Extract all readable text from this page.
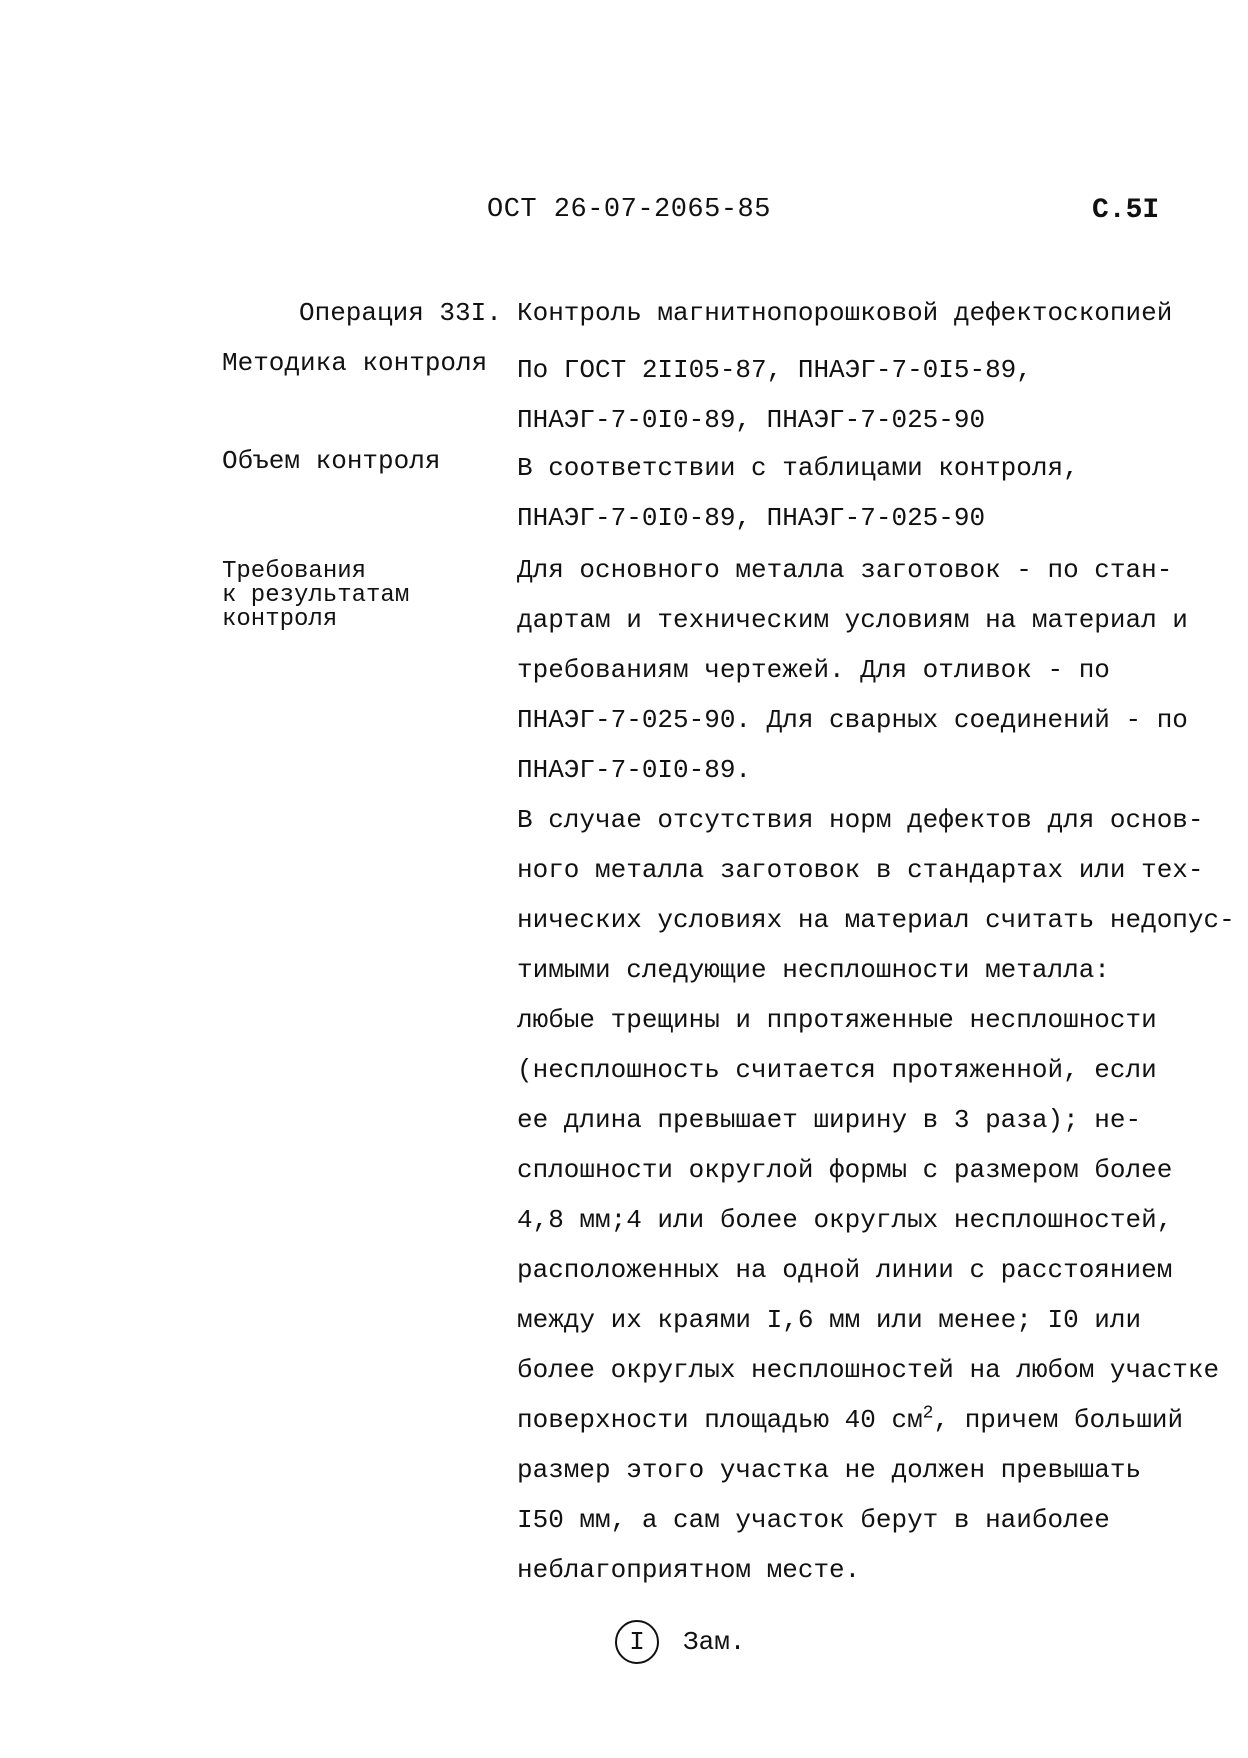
ОСТ 26-07-2065-85	С.5I
Операция 33I. Контроль магнитнопорошковой дефектоскопией
Методика контроля По ГОСТ 2II05-87, ПНАЭГ-7-0I5-89,
ПНАЭГ-7-0I0-89, ПНАЭГ-7-025-90
Объем контроля	В соответствии с таблицами контроля,
ПНАЭГ-7-0I0-89, ПНАЭГ-7-025-90
Требования
к результатам
контроля
Для основного металла заготовок - по стан-
дартам и техническим условиям на материал и
требованиям чертежей. Для отливок - по
ПНАЭГ-7-025-90. Для сварных соединений - по
ПНАЭГ-7-0I0-89.
В случае отсутствия норм дефектов для основ-
ного металла заготовок в стандартах или тех-
нических условиях на материал считать недопус-
тимыми следующие несплошности металла:
любые трещины и ппротяженные несплошности
(несплошность считается протяженной, если
ее длина превышает ширину в 3 раза); не-
сплошности округлой формы с размером более
4,8 мм;4 или более округлых несплошностей,
расположенных на одной линии с расстоянием
между их краями I,6 мм или менее; I0 или
более округлых несплошностей на любом участке
поверхности площадью 40 $см^2$, причем больший
размер этого участка не должен превышать
I50 мм, а сам участок берут в наиболее
неблагоприятном месте.
I Зам.
